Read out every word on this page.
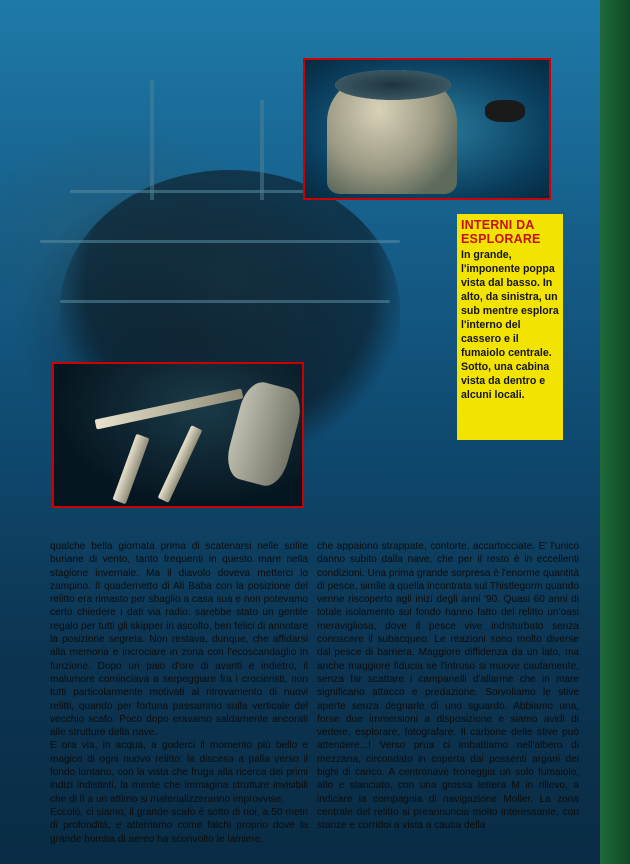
INTERNI DA ESPLORARE

In grande, l'imponente poppa vista dal basso. In alto, da sinistra, un sub mentre esplora l'interno del cassero e il fumaiolo centrale. Sotto, una cabina vista da dentro e alcuni locali.

qualche bella giornata prima di scatenarsi nelle solite buriane di vento, tanto frequenti in questo mare nella stagione invernale. Ma il diavolo doveva metterci lo zampino. Il quadernetto di Ali Baba con la posizione del relitto era rimasto per sbaglio a casa sua e non potevamo certo chiedere i dati via radio: sarebbe stato un gentile regalo per tutti gli skipper in ascolto, ben felici di annotare la posizione segreta. Non restava, dunque, che affidarsi alla memoria e incrociare in zona con l'ecoscandaglio in funzione. Dopo un paio d'ore di avanti e indietro, il malumore cominciava a serpeggiare fra i crocieristi, non tutti particolarmente motivati al ritrovamento di nuovi relitti, quando per fortuna passammo sulla verticale del vecchio scafo. Poco dopo eravamo saldamente ancorati alle strutture della nave.

E ora via, in acqua, a goderci il momento più bello e magico di ogni nuovo relitto: la discesa a palla verso il fondo lontano, con la vista che fruga alla ricerca dei primi indizi indistinti, la mente che immagina strutture invisibili che di lì a un attimo si materializzeranno improvvise.

Eccolo, ci siamo, il grande scafo è sotto di noi, a 50 metri di profondità, e atterriamo come falchi proprio dove la grande bomba di aereo ha sconvolto le lamiere,

che appaiono strappate, contorte, accartocciate. E' l'unico danno subito dalla nave, che per il resto è in eccellenti condizioni. Una prima grande sorpresa è l'enorme quantità di pesce, simile a quella incontrata sul Thistlegorm quando venne riscoperto agli inizi degli anni '90. Quasi 60 anni di totale isolamento sul fondo hanno fatto del relitto un'oasi meravigliosa, dove il pesce vive indisturbato senza conoscere il subacqueo. Le reazioni sono molto diverse dal pesce di barriera. Maggiore diffidenza da un lato, ma anche maggiore fiducia se l'intruso si muove cautamente, senza far scattare i campanelli d'allarme che in mare significano attacco e predazione. Sorvoliamo le stive aperte senza degnarle di uno sguardo. Abbiamo una, forse due immersioni a disposizione e siamo avidi di vedere, esplorare, fotografare. Il carbone delle stive può attendere...! Verso prua ci imbattiamo nell'albero di mezzana, circondato in coperta dai possenti argani dei bighi di carico. A centronave troneggia un solo fumaiolo, alto e slanciato, con una grossa lettera M in rilievo, a indicare la compagnia di navigazione Moller. La zona centrale del relitto si preannuncia molto interessante, con stanze e corridoi a vista a causa della
